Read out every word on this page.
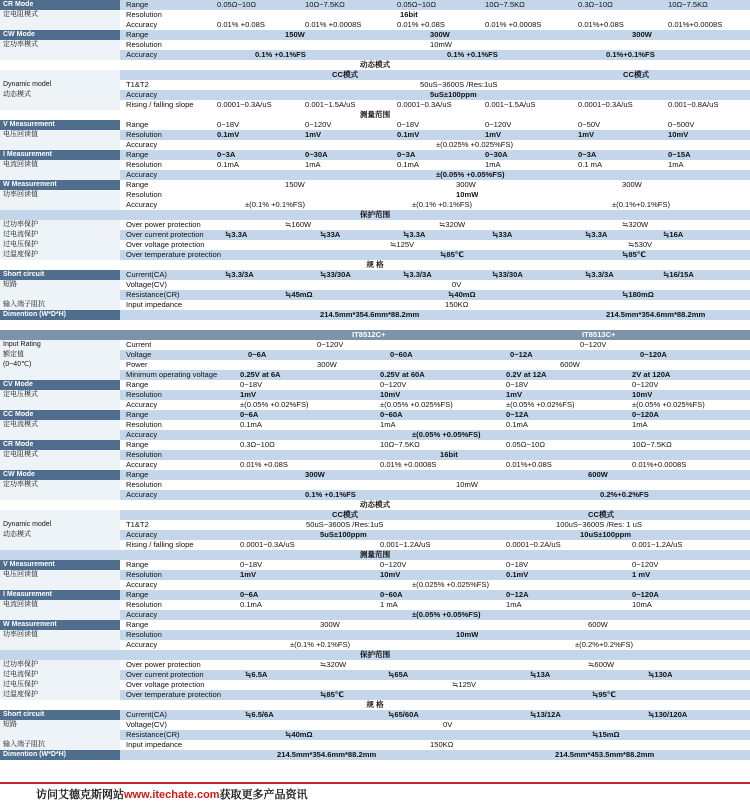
CR Mode	Range	0.05Ω~10Ω	10Ω~7.5KΩ	0.05Ω~10Ω	10Ω~7.5KΩ	0.3Ω~10Ω	10Ω~7.5KΩ
定电阻模式	Resolution	16bit
Accuracy	0.01% +0.08S	0.01% +0.0008S	0.01% +0.08S	0.01% +0.0008S	0.01%+0.08S	0.01%+0.0008S
CW Mode	Range	150W	300W	300W
定功率模式	Resolution	10mW
Accuracy	0.1% +0.1%FS	0.1% +0.1%FS	0.1%+0.1%FS
动态模式
CC模式	CC模式
Dynamic model	T1&T2	50uS~3600S /Res:1uS
动态模式	Accuracy	5uS±100ppm
Rising / falling slope	0.0001~0.3A/uS	0.001~1.5A/uS	0.0001~0.3A/uS	0.001~1.5A/uS	0.0001~0.3A/uS	0.001~0.8A/uS
测量范围
V Measurement	Range	0~18V	0~120V	0~18V	0~120V	0~50V	0~500V
电压回读值	Resolution	0.1mV	1mV	0.1mV	1mV	1mV	10mV
Accuracy	±(0.025% +0.025%FS)
I Measurement	Range	0~3A	0~30A	0~3A	0~30A	0~3A	0~15A
电流回读值	Resolution	0.1mA	1mA	0.1mA	1mA	0.1 mA	1mA
Accuracy	±(0.05% +0.05%FS)
W Measurement	Range	150W	300W	300W
功率回读值	Resolution	10mW
Accuracy	±(0.1% +0.1%FS)	±(0.1% +0.1%FS)	±(0.1%+0.1%FS)
保护范围
过功率保护	Over power protection	≒160W	≒320W	≒320W
过电流保护	Over current protection	≒3.3A	≒33A	≒3.3A	≒33A	≒3.3A	≒16A
过电压保护	Over voltage protection	≒125V	≒530V
过温度保护	Over temperature protection	≒85℃	≒85℃
规 格
Short circuit	Current(CA)	≒3.3/3A	≒33/30A	≒3.3/3A	≒33/30A	≒3.3/3A	≒16/15A
短路	Voltage(CV)	0V
Resistance(CR)	≒45mΩ	≒40mΩ	≒180mΩ
输入端子阻抗	Input impedance	150KΩ
Dimention (W*D*H)	214.5mm*354.6mm*88.2mm	214.5mm*354.6mm*88.2mm
IT8512C+	IT8513C+
Input Rating	Current	0~120V	0~120V
额定值	Voltage	0~6A	0~60A	0~12A	0~120A
(0~40℃)	Power	300W	600W
Minimum operating voltage	0.25V at 6A	0.25V at 60A	0.2V at 12A	2V at 120A
CV Mode	Range	0~18V	0~120V	0~18V	0~120V
定电压模式	Resolution	1mV	10mV	1mV	10mV
Accuracy	±(0.05% +0.02%FS)	±(0.05% +0.025%FS)	±(0.05% +0.02%FS)	±(0.05% +0.025%FS)
CC Mode	Range	0~6A	0~60A	0~12A	0~120A
定电流模式	Resolution	0.1mA	1mA	0.1mA	1mA
Accuracy	±(0.05% +0.05%FS)
CR Mode	Range	0.3Ω~10Ω	10Ω~7.5KΩ	0.05Ω~10Ω	10Ω~7.5KΩ
定电阻模式	Resolution	16bit
Accuracy	0.01% +0.08S	0.01% +0.0008S	0.01%+0.08S	0.01%+0.0008S
CW Mode	Range	300W	600W
定功率模式	Resolution	10mW
Accuracy	0.1% +0.1%FS	0.2%+0.2%FS
动态模式
CC模式	CC模式
Dynamic model	T1&T2	50uS~3600S /Res:1uS	100uS~3600S /Res: 1 uS
动态模式	Accuracy	5uS±100ppm	10uS±100ppm
Rising / falling slope	0.0001~0.3A/uS	0.001~1.2A/uS	0.0001~0.2A/uS	0.001~1.2A/uS
测量范围
V Measurement	Range	0~18V	0~120V	0~18V	0~120V
电压回读值	Resolution	1mV	10mV	0.1mV	1 mV
Accuracy	±(0.025% +0.025%FS)
I Measurement	Range	0~6A	0~60A	0~12A	0~120A
电流回读值	Resolution	0.1mA	1 mA	1mA	10mA
Accuracy	±(0.05% +0.05%FS)
W Measurement	Range	300W	600W
功率回读值	Resolution	10mW
Accuracy	±(0.1% +0.1%FS)	±(0.2%+0.2%FS)
保护范围
过功率保护	Over power protection	≒320W	≒600W
过电流保护	Over current protection	≒6.5A	≒65A	≒13A	≒130A
过电压保护	Over voltage protection	≒125V
过温度保护	Over temperature protection	≒85℃	≒95℃
规 格
Short circuit	Current(CA)	≒6.5/6A	≒65/60A	≒13/12A	≒130/120A
短路	Voltage(CV)	0V
Resistance(CR)	≒40mΩ	≒15mΩ
输入端子阻抗	Input impedance	150KΩ
Dimention (W*D*H)	214.5mm*354.6mm*88.2mm	214.5mm*453.5mm*88.2mm
访问艾德克斯网站www.itechate.com获取更多产品资讯
